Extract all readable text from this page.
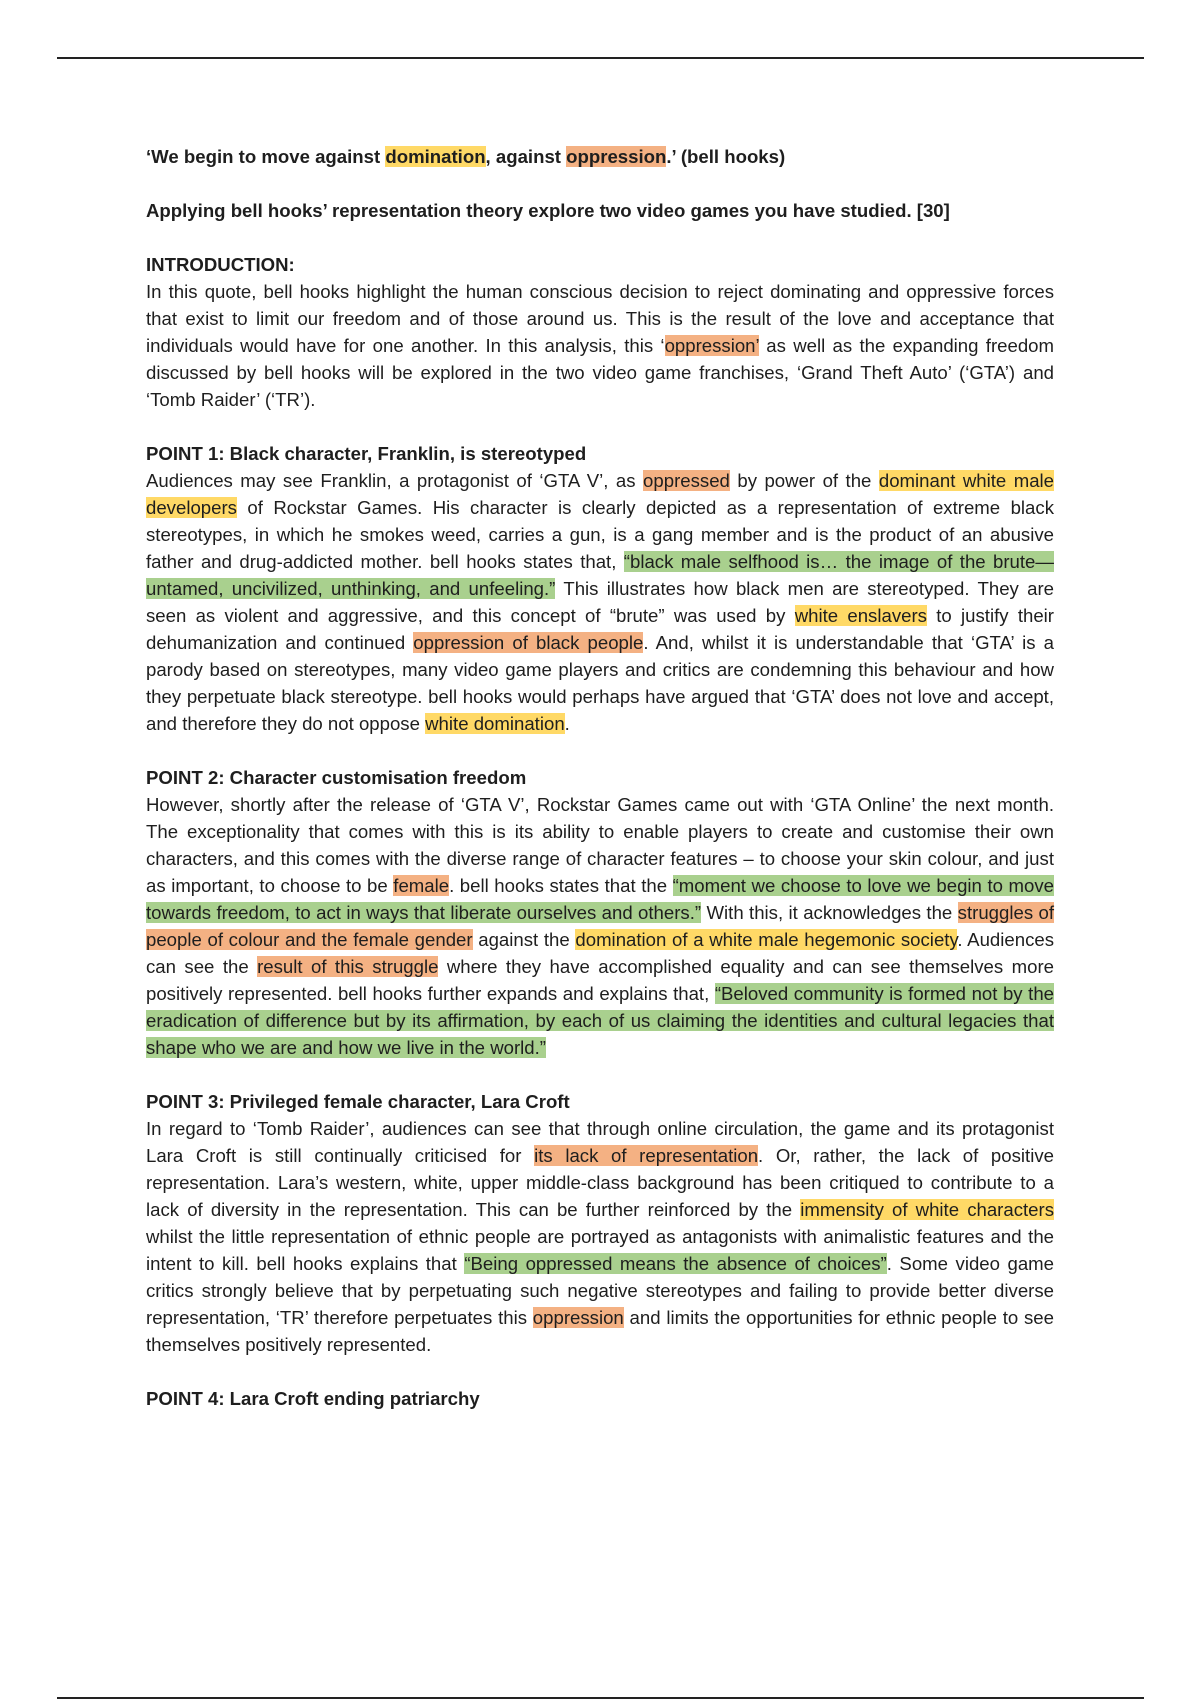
‘We begin to move against domination, against oppression.’ (bell hooks)

Applying bell hooks’ representation theory explore two video games you have studied. [30]

INTRODUCTION:

In this quote, bell hooks highlight the human conscious decision to reject dominating and oppressive forces that exist to limit our freedom and of those around us. This is the result of the love and acceptance that individuals would have for one another. In this analysis, this ‘oppression’ as well as the expanding freedom discussed by bell hooks will be explored in the two video game franchises, ‘Grand Theft Auto’ (‘GTA’) and ‘Tomb Raider’ (‘TR’).

POINT 1: Black character, Franklin, is stereotyped

Audiences may see Franklin, a protagonist of ‘GTA V’, as oppressed by power of the dominant white male developers of Rockstar Games. His character is clearly depicted as a representation of extreme black stereotypes, in which he smokes weed, carries a gun, is a gang member and is the product of an abusive father and drug-addicted mother. bell hooks states that, “black male selfhood is… the image of the brute—untamed, uncivilized, unthinking, and unfeeling.” This illustrates how black men are stereotyped. They are seen as violent and aggressive, and this concept of “brute” was used by white enslavers to justify their dehumanization and continued oppression of black people. And, whilst it is understandable that ‘GTA’ is a parody based on stereotypes, many video game players and critics are condemning this behaviour and how they perpetuate black stereotype. bell hooks would perhaps have argued that ‘GTA’ does not love and accept, and therefore they do not oppose white domination.

POINT 2: Character customisation freedom

However, shortly after the release of ‘GTA V’, Rockstar Games came out with ‘GTA Online’ the next month. The exceptionality that comes with this is its ability to enable players to create and customise their own characters, and this comes with the diverse range of character features – to choose your skin colour, and just as important, to choose to be female. bell hooks states that the “moment we choose to love we begin to move towards freedom, to act in ways that liberate ourselves and others.” With this, it acknowledges the struggles of people of colour and the female gender against the domination of a white male hegemonic society. Audiences can see the result of this struggle where they have accomplished equality and can see themselves more positively represented. bell hooks further expands and explains that, “Beloved community is formed not by the eradication of difference but by its affirmation, by each of us claiming the identities and cultural legacies that shape who we are and how we live in the world.”

POINT 3: Privileged female character, Lara Croft

In regard to ‘Tomb Raider’, audiences can see that through online circulation, the game and its protagonist Lara Croft is still continually criticised for its lack of representation. Or, rather, the lack of positive representation. Lara’s western, white, upper middle-class background has been critiqued to contribute to a lack of diversity in the representation. This can be further reinforced by the immensity of white characters whilst the little representation of ethnic people are portrayed as antagonists with animalistic features and the intent to kill. bell hooks explains that “Being oppressed means the absence of choices”. Some video game critics strongly believe that by perpetuating such negative stereotypes and failing to provide better diverse representation, ‘TR’ therefore perpetuates this oppression and limits the opportunities for ethnic people to see themselves positively represented.

POINT 4: Lara Croft ending patriarchy
